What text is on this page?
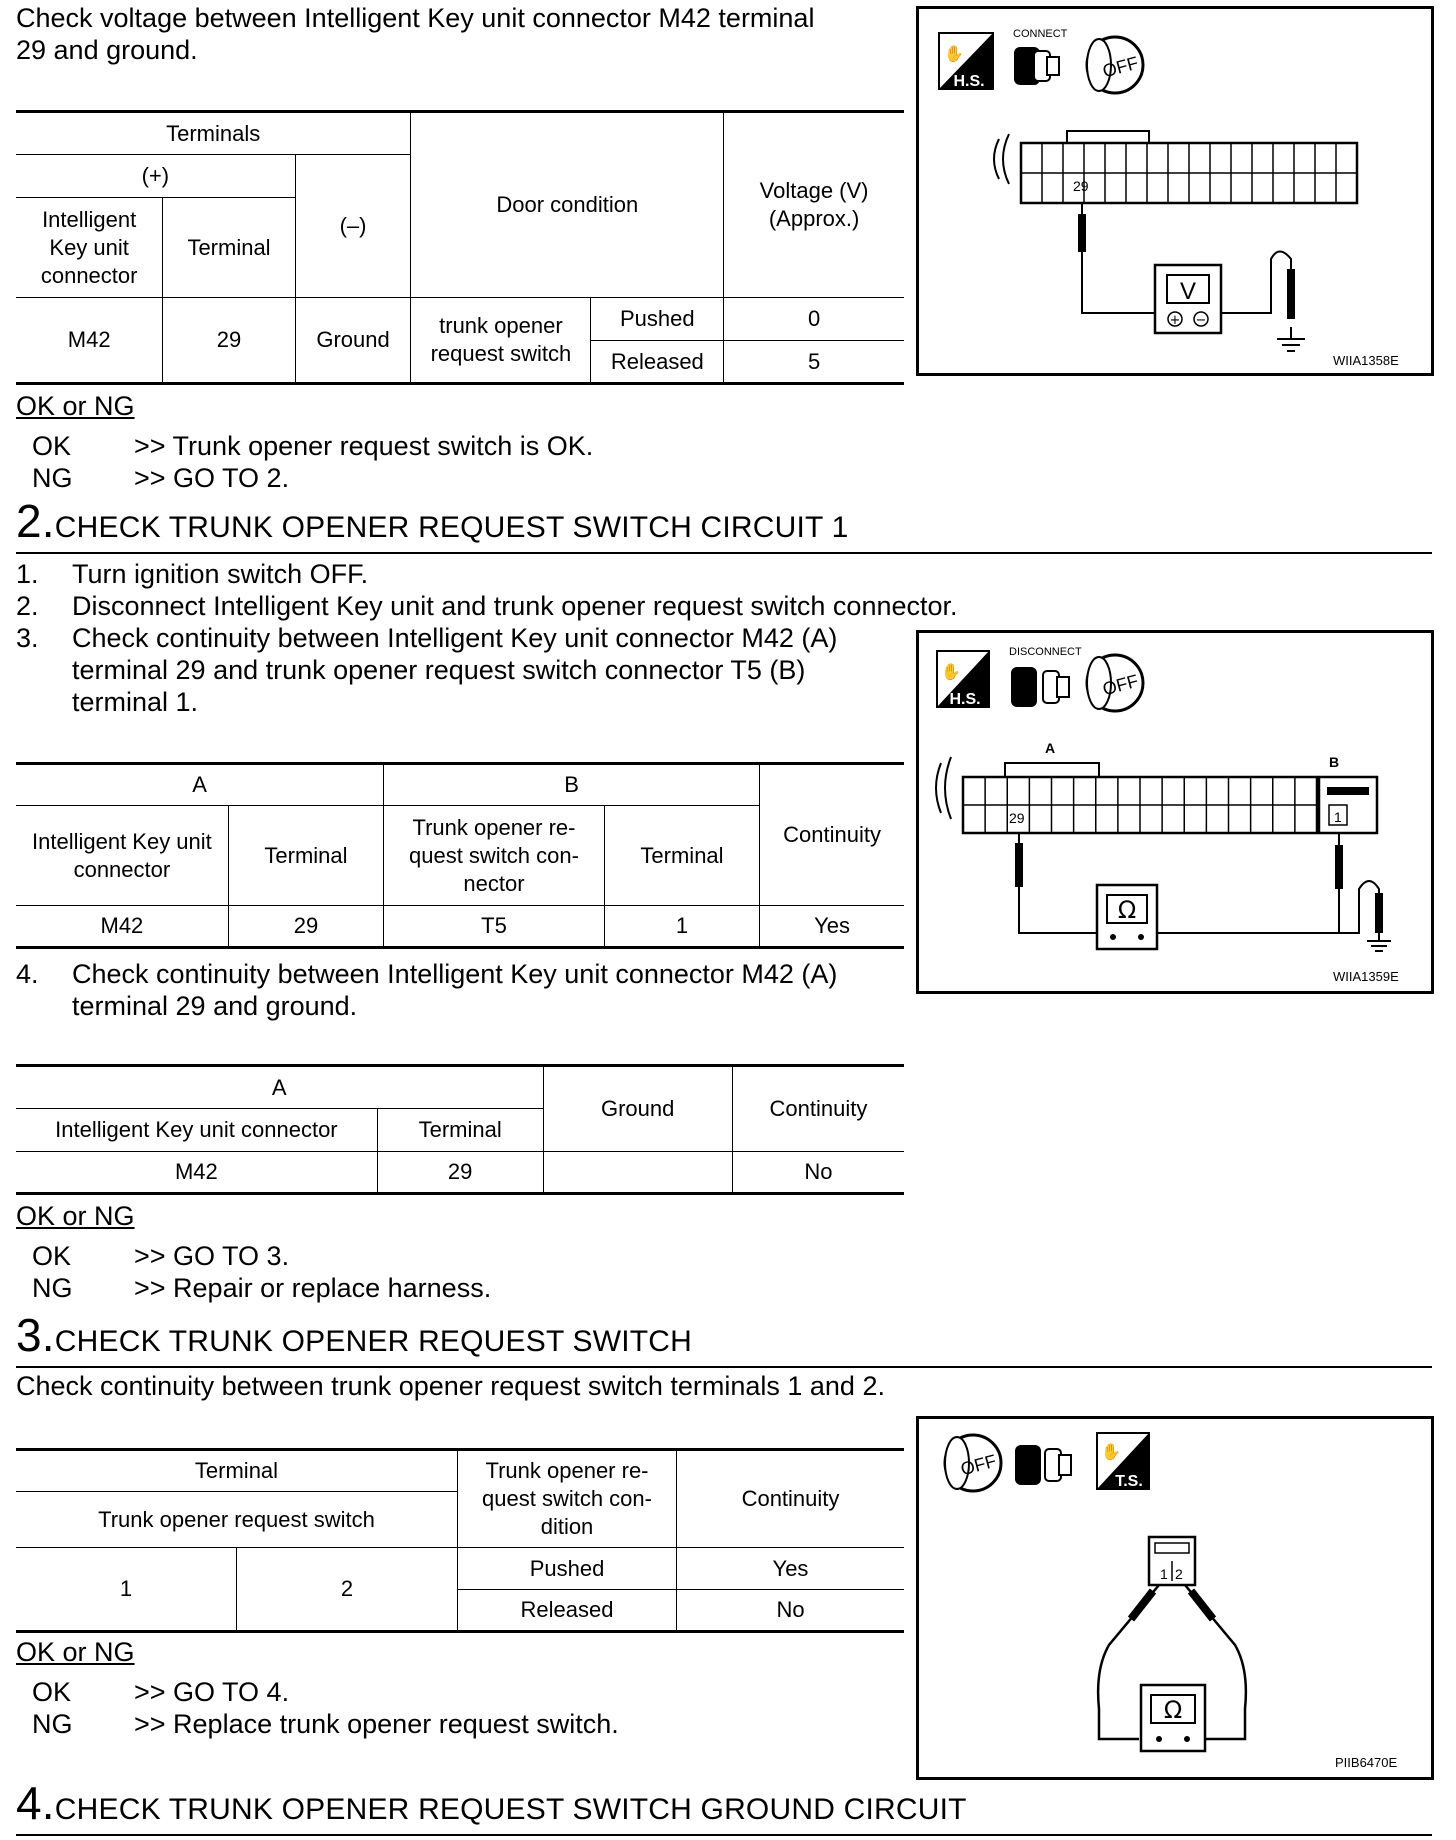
Check voltage between Intelligent Key unit connector M42 terminal
29 and ground.
Terminals			Door condition		Voltage (V)
(Approx.)
(+)		(–)			
Intelligent
Key unit
connector	Terminal				
M42	29	Ground	trunk opener
request switch	Pushed	0
				Released	5
OK or NG
OK >> Trunk opener request switch is OK.
NG >> GO TO 2.
✋
H.S.
CONNECT
OFF
29
+ −
V
WIIA1358E
2.CHECK TRUNK OPENER REQUEST SWITCH CIRCUIT 1
1. Turn ignition switch OFF.
2. Disconnect Intelligent Key unit and trunk opener request switch connector.
3. Check continuity between Intelligent Key unit connector M42 (A)
terminal 29 and trunk opener request switch connector T5 (B)
terminal 1.
A		B		Continuity
Intelligent Key unit
connector	Terminal	Trunk opener re-
quest switch con-
nector	Terminal	
M42	29	T5	1	Yes
4. Check continuity between Intelligent Key unit connector M42 (A)
terminal 29 and ground.
A		Ground	Continuity
Intelligent Key unit connector	Terminal		
M42	29		No
OK or NG
OK >> GO TO 3.
NG >> Repair or replace harness.
✋
H.S.
DISCONNECT
OFF
A
B
29	1
Ω
WIIA1359E
3.CHECK TRUNK OPENER REQUEST SWITCH
Check continuity between trunk opener request switch terminals 1 and 2.
Terminal		Trunk opener re-
quest switch con-
dition	Continuity
Trunk opener request switch			
1	2	Pushed	Yes
		Released	No
OK or NG
OK >> GO TO 4.
NG >> Replace trunk opener request switch.
OFF	✋
T.S.
1 2
Ω
PIIB6470E
4.CHECK TRUNK OPENER REQUEST SWITCH GROUND CIRCUIT
